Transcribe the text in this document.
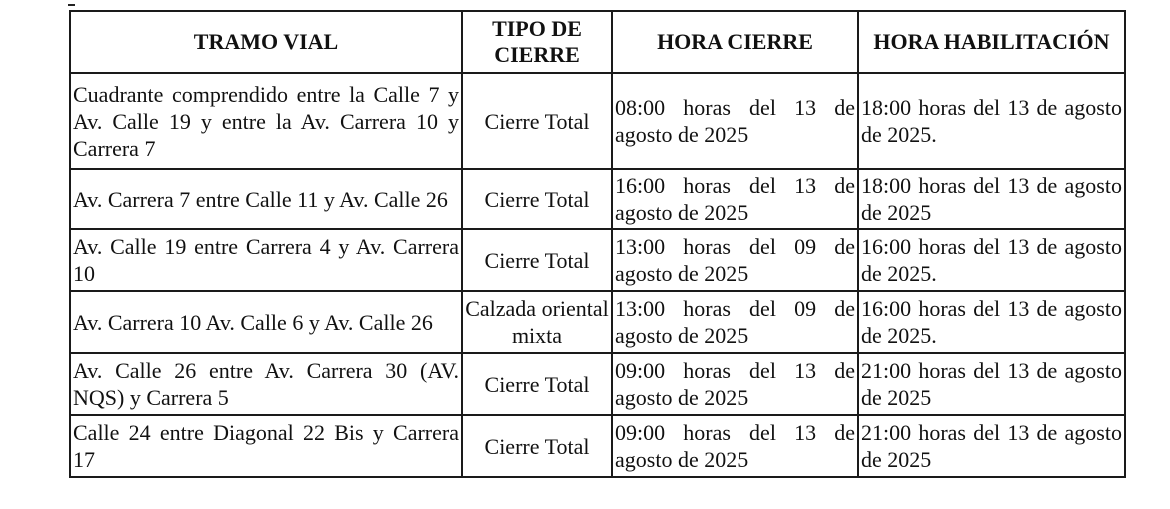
TRAMO VIAL	TIPO DE CIERRE	HORA CIERRE	HORA HABILITACIÓN
Cuadrante comprendido entre la Calle 7 y Av. Calle 19 y entre la Av. Carrera 10 y Carrera 7	Cierre Total	08:00 horas del 13 de agosto de 2025	18:00 horas del 13 de agosto de 2025.
Av. Carrera 7 entre Calle 11 y Av. Calle 26	Cierre Total	16:00 horas del 13 de agosto de 2025	18:00 horas del 13 de agosto de 2025
Av. Calle 19 entre Carrera 4 y Av. Carrera 10	Cierre Total	13:00 horas del 09 de agosto de 2025	16:00 horas del 13 de agosto de 2025.
Av. Carrera 10 Av. Calle 6 y Av. Calle 26	Calzada oriental mixta	13:00 horas del 09 de agosto de 2025	16:00 horas del 13 de agosto de 2025.
Av. Calle 26 entre Av. Carrera 30 (AV. NQS) y Carrera 5	Cierre Total	09:00 horas del 13 de agosto de 2025	21:00 horas del 13 de agosto de 2025
Calle 24 entre Diagonal 22 Bis y Carrera 17	Cierre Total	09:00 horas del 13 de agosto de 2025	21:00 horas del 13 de agosto de 2025
